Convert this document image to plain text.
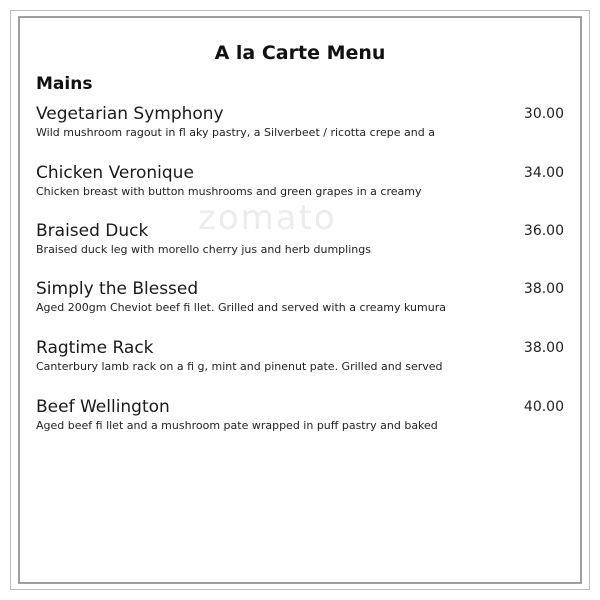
zomato
A la Carte Menu
Mains
Vegetarian Symphony
Wild mushroom ragout in fl aky pastry, a Silverbeet / ricotta crepe and a
30.00
Chicken Veronique
Chicken breast with button mushrooms and green grapes in a creamy
34.00
Braised Duck
Braised duck leg with morello cherry jus and herb dumplings
36.00
Simply the Blessed
Aged 200gm Cheviot beef fi llet. Grilled and served with a creamy kumura
38.00
Ragtime Rack
Canterbury lamb rack on a fi g, mint and pinenut pate. Grilled and served
38.00
Beef Wellington
Aged beef fi llet and a mushroom pate wrapped in puff pastry and baked
40.00
